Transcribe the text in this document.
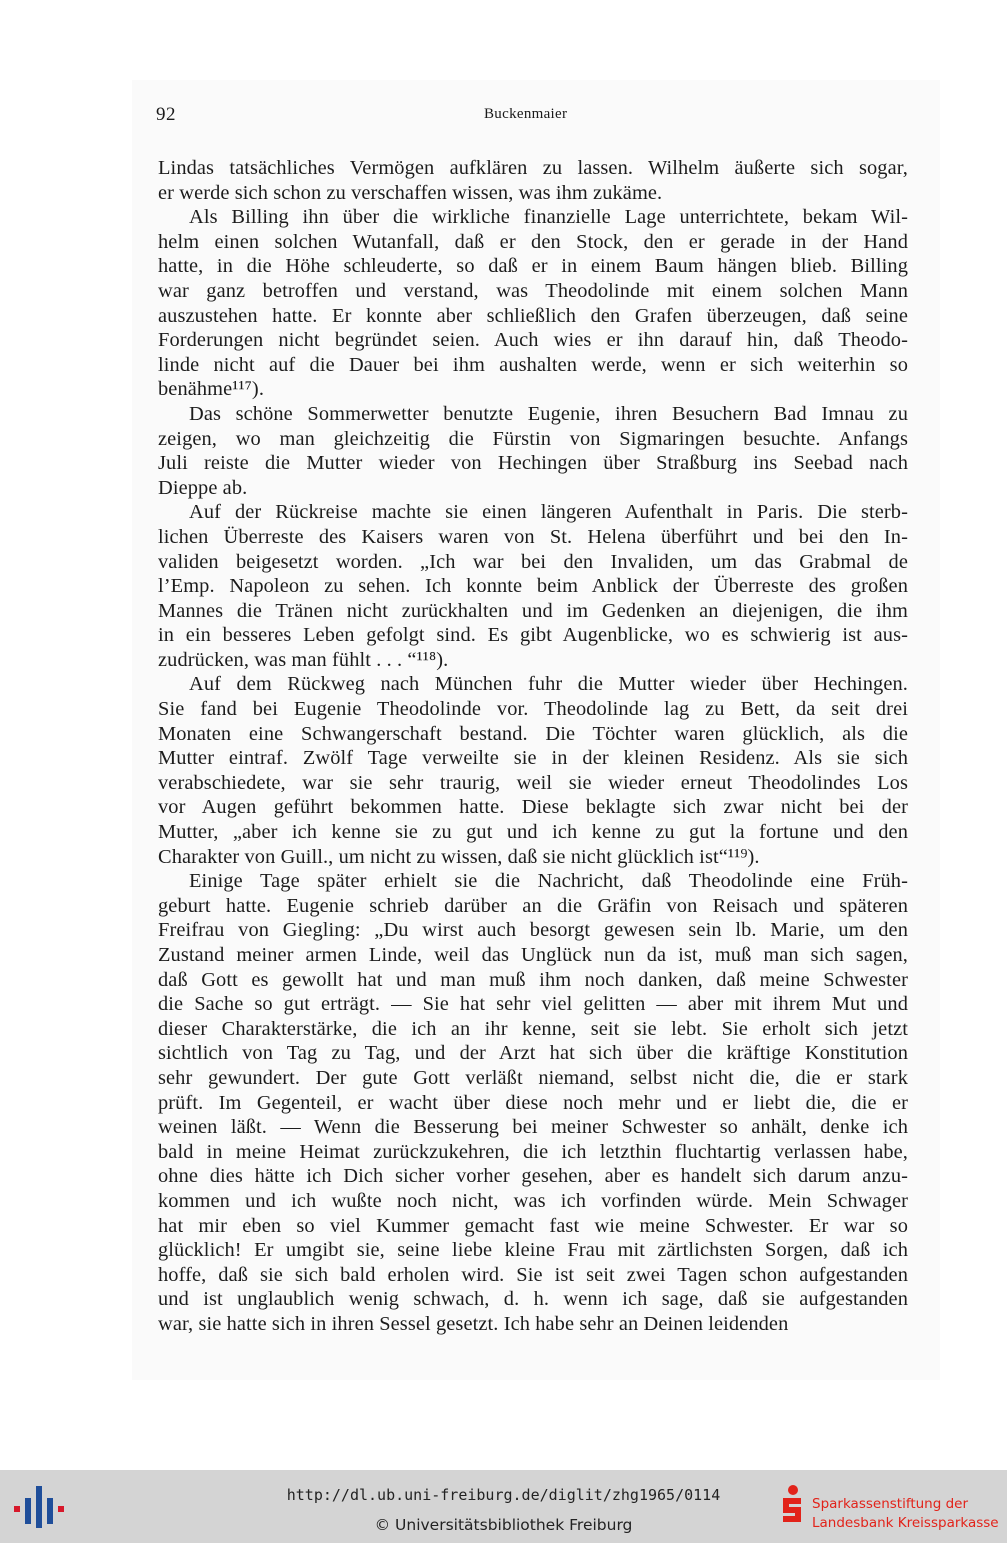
92	Buckenmaier
Lindas tatsächliches Vermögen aufklären zu lassen. Wilhelm äußerte sich sogar,
er werde sich schon zu verschaffen wissen, was ihm zukäme.
Als Billing ihn über die wirkliche finanzielle Lage unterrichtete, bekam Wil-
helm einen solchen Wutanfall, daß er den Stock, den er gerade in der Hand
hatte, in die Höhe schleuderte, so daß er in einem Baum hängen blieb. Billing
war ganz betroffen und verstand, was Theodolinde mit einem solchen Mann
auszustehen hatte. Er konnte aber schließlich den Grafen überzeugen, daß seine
Forderungen nicht begründet seien. Auch wies er ihn darauf hin, daß Theodo-
linde nicht auf die Dauer bei ihm aushalten werde, wenn er sich weiterhin so
benähme¹¹⁷).
Das schöne Sommerwetter benutzte Eugenie, ihren Besuchern Bad Imnau zu
zeigen, wo man gleichzeitig die Fürstin von Sigmaringen besuchte. Anfangs
Juli reiste die Mutter wieder von Hechingen über Straßburg ins Seebad nach
Dieppe ab.
Auf der Rückreise machte sie einen längeren Aufenthalt in Paris. Die sterb-
lichen Überreste des Kaisers waren von St. Helena überführt und bei den In-
validen beigesetzt worden. „Ich war bei den Invaliden, um das Grabmal de
l’Emp. Napoleon zu sehen. Ich konnte beim Anblick der Überreste des großen
Mannes die Tränen nicht zurückhalten und im Gedenken an diejenigen, die ihm
in ein besseres Leben gefolgt sind. Es gibt Augenblicke, wo es schwierig ist aus-
zudrücken, was man fühlt . . . “¹¹⁸).
Auf dem Rückweg nach München fuhr die Mutter wieder über Hechingen.
Sie fand bei Eugenie Theodolinde vor. Theodolinde lag zu Bett, da seit drei
Monaten eine Schwangerschaft bestand. Die Töchter waren glücklich, als die
Mutter eintraf. Zwölf Tage verweilte sie in der kleinen Residenz. Als sie sich
verabschiedete, war sie sehr traurig, weil sie wieder erneut Theodolindes Los
vor Augen geführt bekommen hatte. Diese beklagte sich zwar nicht bei der
Mutter, „aber ich kenne sie zu gut und ich kenne zu gut la fortune und den
Charakter von Guill., um nicht zu wissen, daß sie nicht glücklich ist“¹¹⁹).
Einige Tage später erhielt sie die Nachricht, daß Theodolinde eine Früh-
geburt hatte. Eugenie schrieb darüber an die Gräfin von Reisach und späteren
Freifrau von Giegling: „Du wirst auch besorgt gewesen sein lb. Marie, um den
Zustand meiner armen Linde, weil das Unglück nun da ist, muß man sich sagen,
daß Gott es gewollt hat und man muß ihm noch danken, daß meine Schwester
die Sache so gut erträgt. — Sie hat sehr viel gelitten — aber mit ihrem Mut und
dieser Charakterstärke, die ich an ihr kenne, seit sie lebt. Sie erholt sich jetzt
sichtlich von Tag zu Tag, und der Arzt hat sich über die kräftige Konstitution
sehr gewundert. Der gute Gott verläßt niemand, selbst nicht die, die er stark
prüft. Im Gegenteil, er wacht über diese noch mehr und er liebt die, die er
weinen läßt. — Wenn die Besserung bei meiner Schwester so anhält, denke ich
bald in meine Heimat zurückzukehren, die ich letzthin fluchtartig verlassen habe,
ohne dies hätte ich Dich sicher vorher gesehen, aber es handelt sich darum anzu-
kommen und ich wußte noch nicht, was ich vorfinden würde. Mein Schwager
hat mir eben so viel Kummer gemacht fast wie meine Schwester. Er war so
glücklich! Er umgibt sie, seine liebe kleine Frau mit zärtlichsten Sorgen, daß ich
hoffe, daß sie sich bald erholen wird. Sie ist seit zwei Tagen schon aufgestanden
und ist unglaublich wenig schwach, d. h. wenn ich sage, daß sie aufgestanden
war, sie hatte sich in ihren Sessel gesetzt. Ich habe sehr an Deinen leidenden
http://dl.ub.uni-freiburg.de/diglit/zhg1965/0114
© Universitätsbibliothek Freiburg
Sparkassenstiftung der
Landesbank Kreissparkasse
